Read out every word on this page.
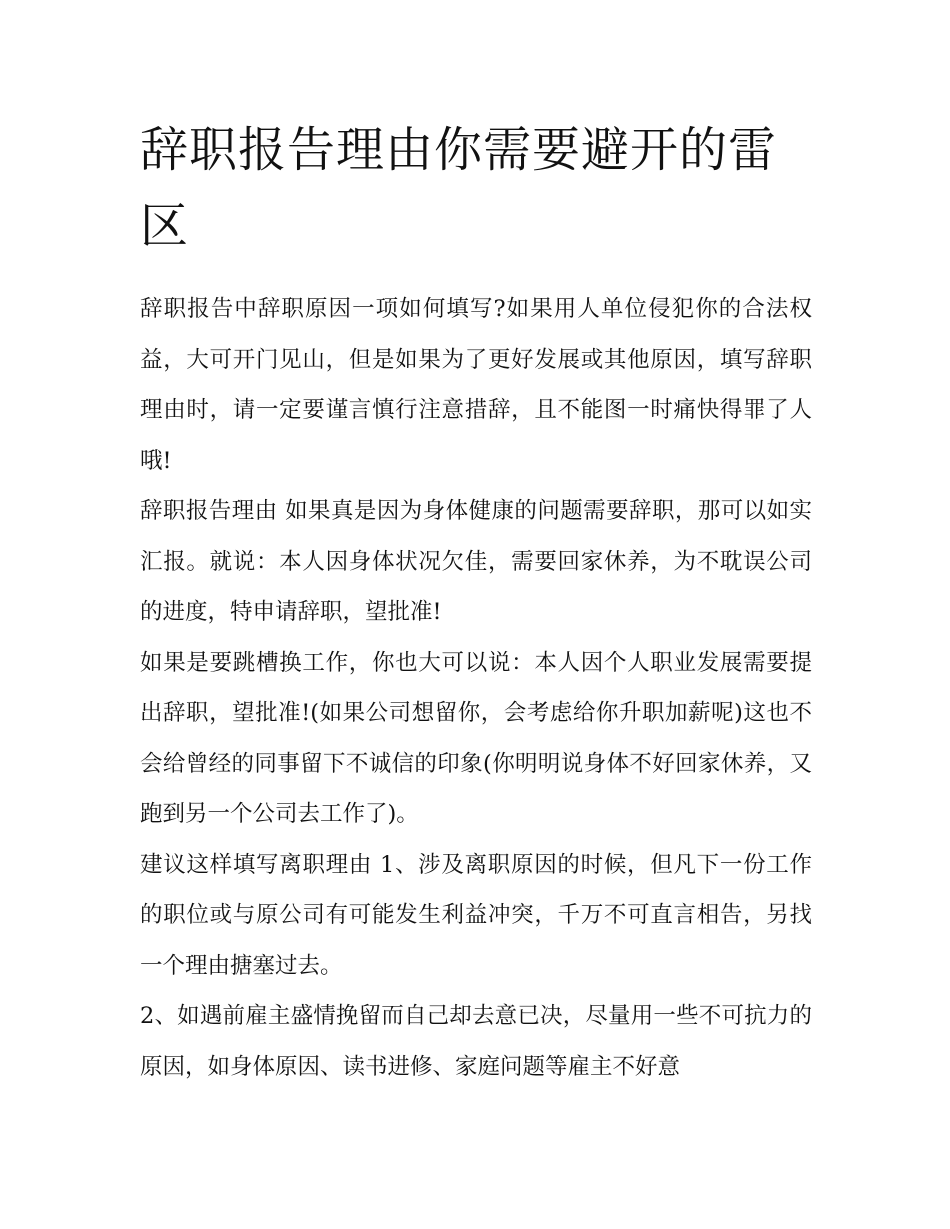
辞职报告理由你需要避开的雷区

辞职报告中辞职原因一项如何填写?如果用人单位侵犯你的合法权益，大可开门见山，但是如果为了更好发展或其他原因，填写辞职理由时，请一定要谨言慎行注意措辞，且不能图一时痛快得罪了人哦!

辞职报告理由 如果真是因为身体健康的问题需要辞职，那可以如实汇报。就说：本人因身体状况欠佳，需要回家休养，为不耽误公司的进度，特申请辞职，望批准!

如果是要跳槽换工作，你也大可以说：本人因个人职业发展需要提出辞职，望批准!(如果公司想留你，会考虑给你升职加薪呢)这也不会给曾经的同事留下不诚信的印象(你明明说身体不好回家休养，又跑到另一个公司去工作了)。

建议这样填写离职理由 1、涉及离职原因的时候，但凡下一份工作的职位或与原公司有可能发生利益冲突，千万不可直言相告，另找一个理由搪塞过去。

2、如遇前雇主盛情挽留而自己却去意已决，尽量用一些不可抗力的原因，如身体原因、读书进修、家庭问题等雇主不好意
